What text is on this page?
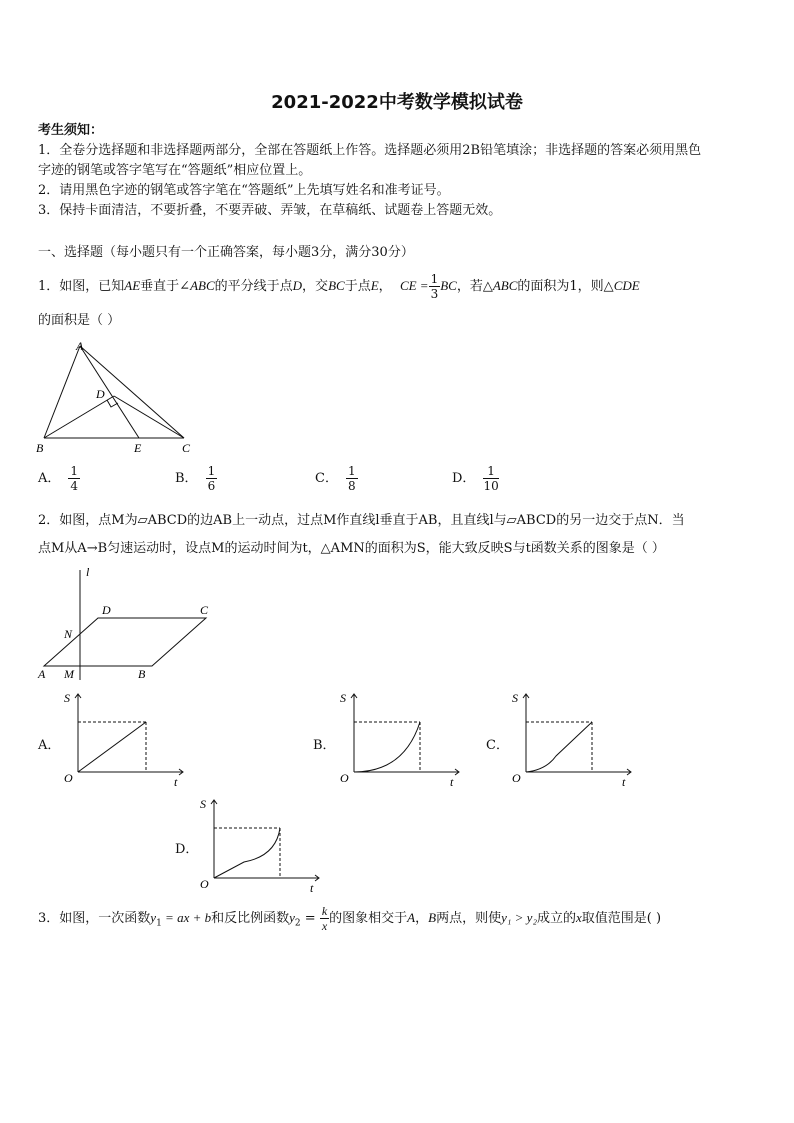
2021-2022中考数学模拟试卷
考生须知：
1．全卷分选择题和非选择题两部分，全部在答题纸上作答。选择题必须用2B铅笔填涂；非选择题的答案必须用黑色
字迹的钢笔或答字笔写在“答题纸”相应位置上。
2．请用黑色字迹的钢笔或答字笔在“答题纸”上先填写姓名和准考证号。
3．保持卡面清洁，不要折叠，不要弄破、弄皱，在草稿纸、试题卷上答题无效。
一、选择题（每小题只有一个正确答案，每小题3分，满分30分）
1．如图，已知AE垂直于∠ABC的平分线于点D，交BC于点E， CE = $\frac{1}{3}$ BC，若△ABC的面积为1，则△CDE
的面积是（ ）
A
D
B	E	C
A． $\frac{1}{4}$	B． $\frac{1}{6}$	C． $\frac{1}{8}$	D． $\frac{1}{10}$
2．如图，点M为▱ABCD的边AB上一动点，过点M作直线l垂直于AB，且直线l与▱ABCD的另一边交于点N．当
点M从A→B匀速运动时，设点M的运动时间为t，△AMN的面积为S，能大致反映S与t函数关系的图象是（ ）
l
D	C
N
A M	B
A．
S
O	t
B．
S
O	t
C．
S
O	t
D．
S
O	t
3．如图，一次函数$y_1$ = ax + b和反比例函数$y_2 = \frac{k}{x}$ 的图象相交于A，B两点，则使y₁ > y₂成立的x取值范围是( )
